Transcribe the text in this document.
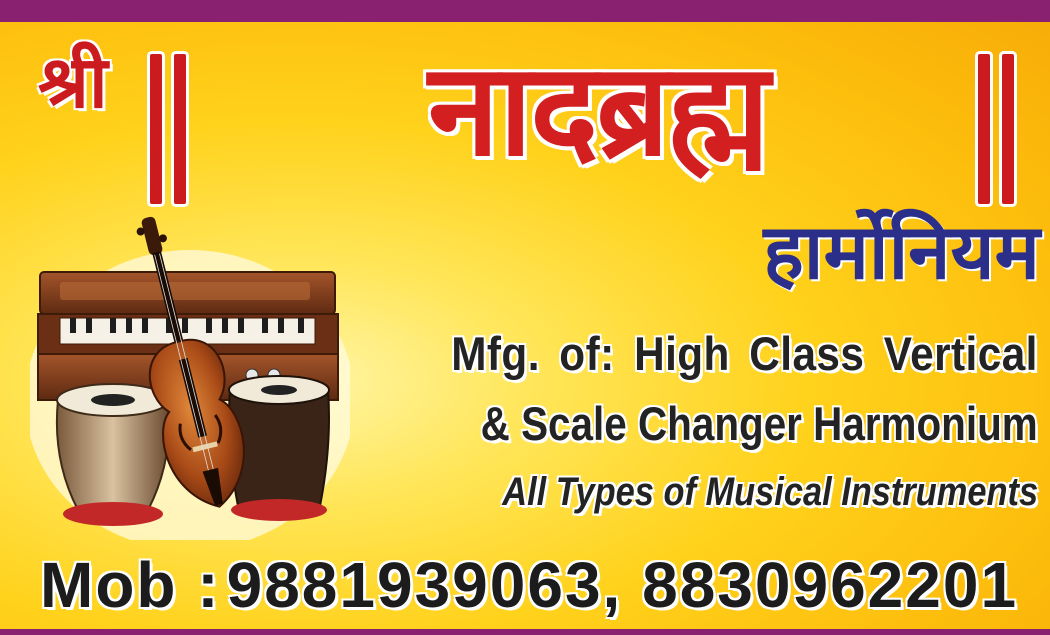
श्री	नादब्रह्म
हार्मोनियम
Mfg. of: High Class Vertical
& Scale Changer Harmonium
All Types of Musical Instruments
Mob :9881939063, 8830962201
